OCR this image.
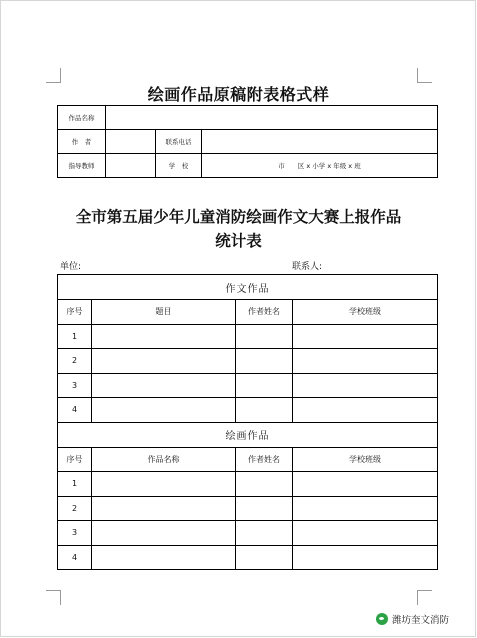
绘画作品原稿附表格式样
作品名称			
作　者		联系电话	
指导教师		学　校	市　　区 x 小学 x 年级 x 班
全市第五届少年儿童消防绘画作文大赛上报作品
统计表
单位:	联系人:
作文作品			
序号	题目	作者姓名	学校班级
1			
2			
3			
4			
绘画作品			
序号	作品名称	作者姓名	学校班级
1			
2			
3			
4			
潍坊奎文消防
